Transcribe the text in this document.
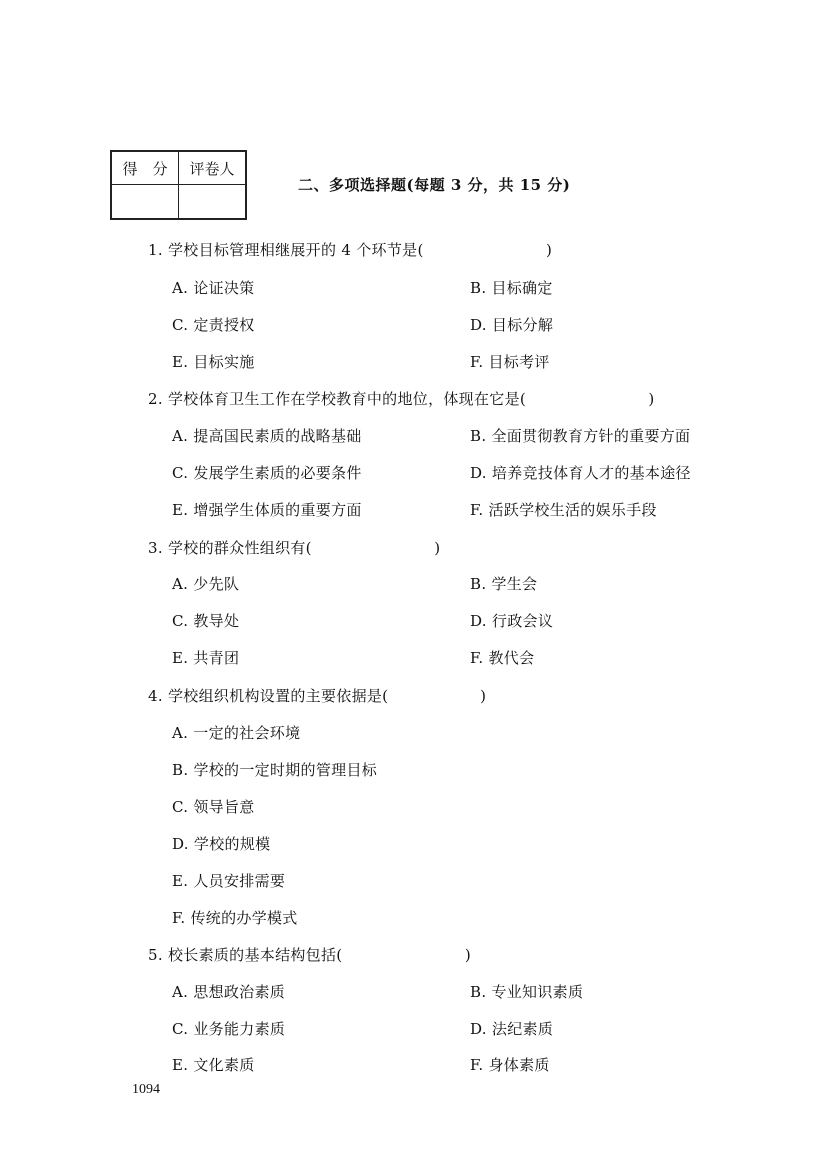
得　分	评卷人

二、多项选择题(每题 3 分，共 15 分)
1. 学校目标管理相继展开的 4 个环节是(　　　　　　　　)
A. 论证决策	B. 目标确定
C. 定责授权	D. 目标分解
E. 目标实施	F. 目标考评
2. 学校体育卫生工作在学校教育中的地位，体现在它是(　　　　　　　　)
A. 提高国民素质的战略基础	B. 全面贯彻教育方针的重要方面
C. 发展学生素质的必要条件	D. 培养竞技体育人才的基本途径
E. 增强学生体质的重要方面	F. 活跃学校生活的娱乐手段
3. 学校的群众性组织有(　　　　　　　　)
A. 少先队	B. 学生会
C. 教导处	D. 行政会议
E. 共青团	F. 教代会
4. 学校组织机构设置的主要依据是(　　　　　　)
A. 一定的社会环境
B. 学校的一定时期的管理目标
C. 领导旨意
D. 学校的规模
E. 人员安排需要
F. 传统的办学模式
5. 校长素质的基本结构包括(　　　　　　　　)
A. 思想政治素质	B. 专业知识素质
C. 业务能力素质	D. 法纪素质
E. 文化素质	F. 身体素质
1094
